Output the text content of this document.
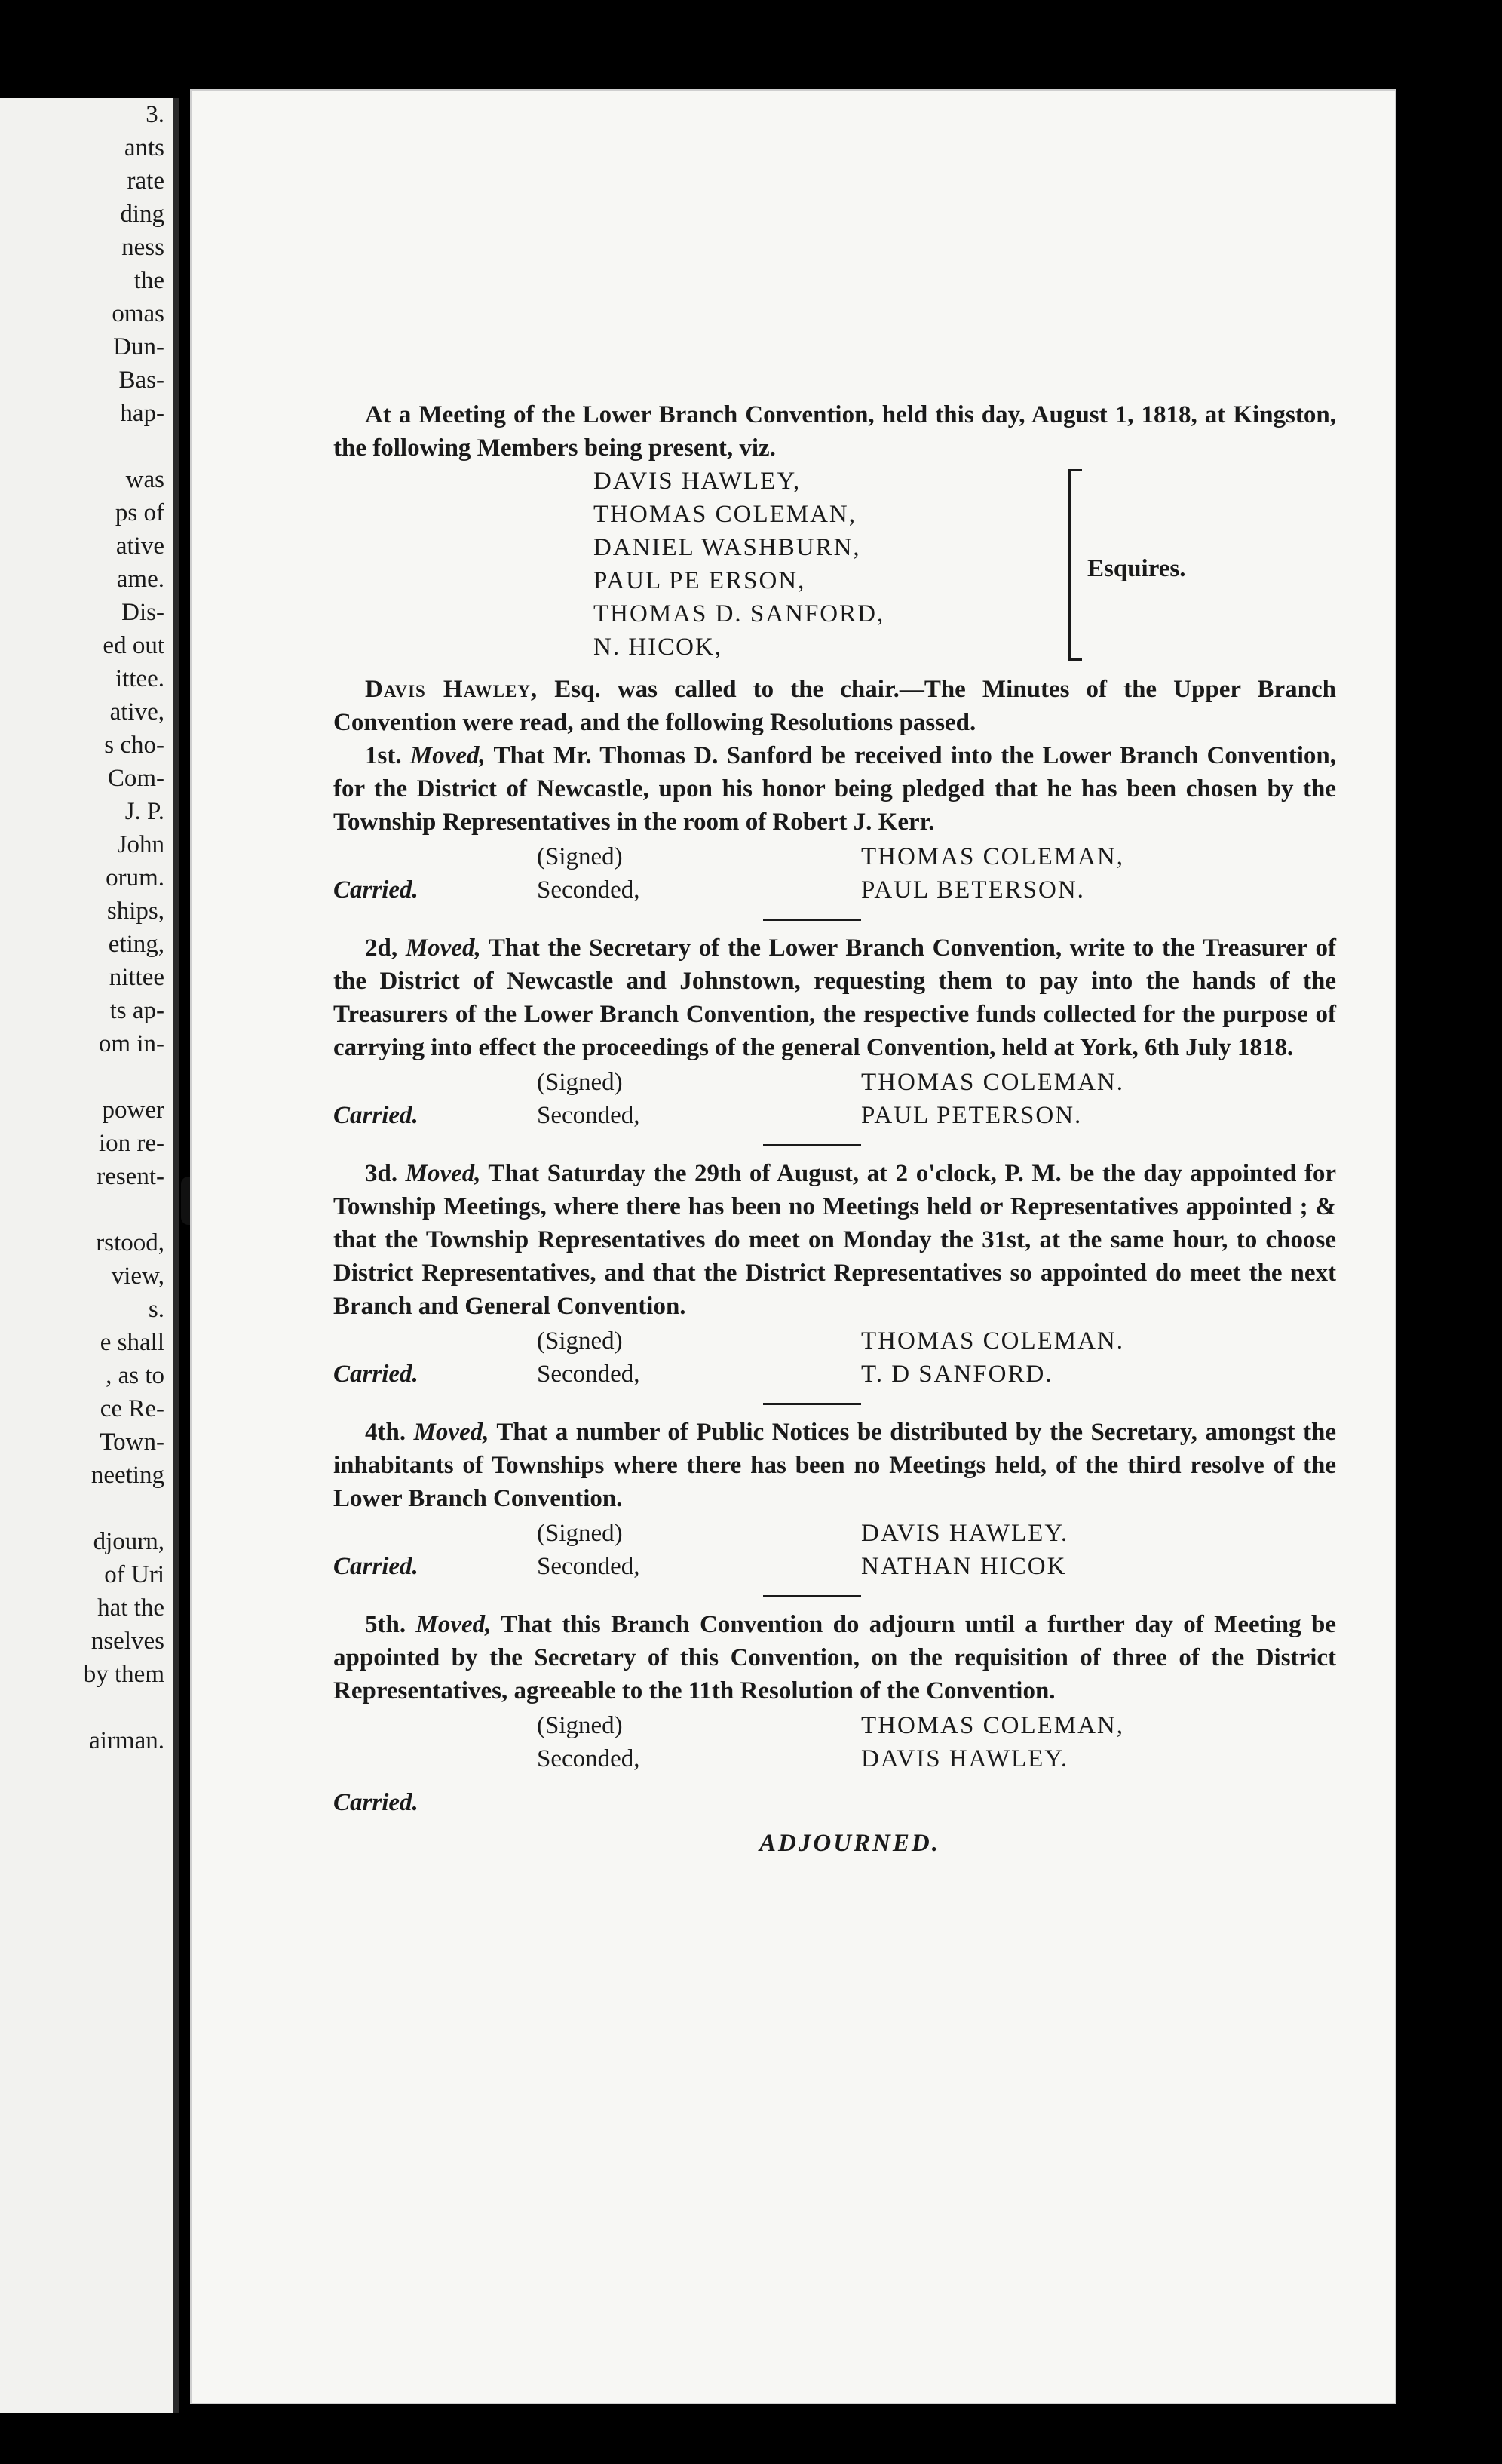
3.
ants
rate
ding
ness
the
omas
Dun-
Bas-
hap-

was
ps of
ative
ame.
Dis-
ed out
ittee.
ative,
s cho-
Com-
J. P.
John
orum.
ships,
eting,
nittee
ts ap-
om in-

power
ion re-
resent-

rstood,
view,
s.
e shall
, as to
ce Re-
Town-
neeting

djourn,
of Uri
hat the
nselves
by them

airman.

At a Meeting of the Lower Branch Convention, held this day, August 1, 1818, at Kingston, the following Members being present, viz.

DAVIS HAWLEY,
THOMAS COLEMAN,
DANIEL WASHBURN,
PAUL PE ERSON,
THOMAS D. SANFORD,
N. HICOK,
Esquires.

Davis Hawley, Esq. was called to the chair.—The Minutes of the Upper Branch Convention were read, and the following Resolutions passed.

1st. Moved, That Mr. Thomas D. Sanford be received into the Lower Branch Convention, for the District of Newcastle, upon his honor being pledged that he has been chosen by the Township Representatives in the room of Robert J. Kerr.

(Signed)	THOMAS COLEMAN,
Carried.	Seconded,	PAUL BETERSON.

2d, Moved, That the Secretary of the Lower Branch Convention, write to the Treasurer of the District of Newcastle and Johnstown, requesting them to pay into the hands of the Treasurers of the Lower Branch Convention, the respective funds collected for the purpose of carrying into effect the proceedings of the general Convention, held at York, 6th July 1818.

(Signed)	THOMAS COLEMAN.
Carried.	Seconded,	PAUL PETERSON.

3d. Moved, That Saturday the 29th of August, at 2 o'clock, P. M. be the day appointed for Township Meetings, where there has been no Meetings held or Representatives appointed ; & that the Township Representatives do meet on Monday the 31st, at the same hour, to choose District Representatives, and that the District Representatives so appointed do meet the next Branch and General Convention.

(Signed)	THOMAS COLEMAN.
Carried.	Seconded,	T. D SANFORD.

4th. Moved, That a number of Public Notices be distributed by the Secretary, amongst the inhabitants of Townships where there has been no Meetings held, of the third resolve of the Lower Branch Convention.

(Signed)	DAVIS HAWLEY.
Carried.	Seconded,	NATHAN HICOK

5th. Moved, That this Branch Convention do adjourn until a further day of Meeting be appointed by the Secretary of this Convention, on the requisition of three of the District Representatives, agreeable to the 11th Resolution of the Convention.

(Signed)	THOMAS COLEMAN,
Seconded,	DAVIS HAWLEY.
Carried.
ADJOURNED.
